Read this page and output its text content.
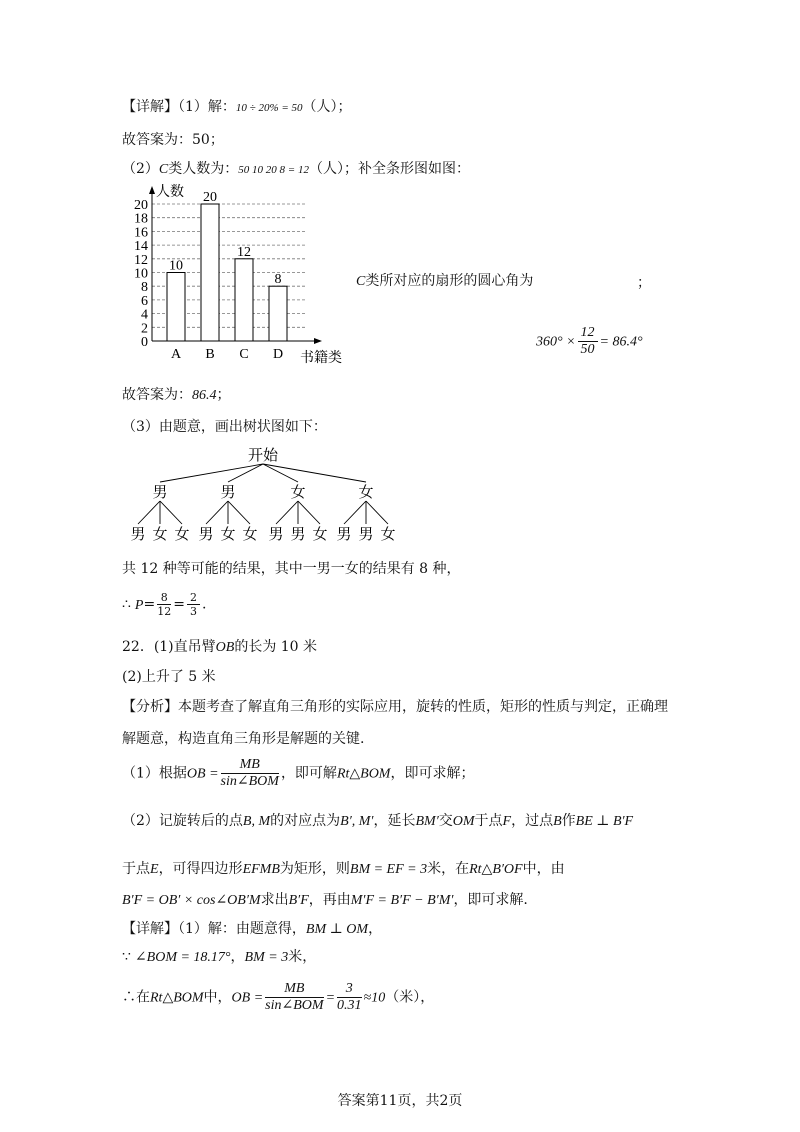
【详解】（1）解：10 ÷ 20% = 50（人）；
故答案为：50；
（2）C类人数为：50 10 20 8 = 12（人）；补全条形图如图：
0
2
4
6
8
10
12
14
16
18
20
人数
书籍类
10
A
20
B
12
C
8
D
C类所对应的扇形的圆心角为	；
$360^\circ \times \frac{12}{50} = 86.4^\circ$
故答案为：86.4；
（3）由题意，画出树状图如下：
开始
男
男 女 女
男
男 女 女
女
男 男 女
女
男 男 女
共 12 种等可能的结果，其中一男一女的结果有 8 种，
∴ $P= \frac{8}{12} = \frac{2}{3}$ .
22．(1)直吊臂OB的长为 10 米
(2)上升了 5 米
【分析】本题考查了解直角三角形的实际应用，旋转的性质，矩形的性质与判定，正确理
解题意，构造直角三角形是解题的关键.
（1）根据OB = $\frac{MB}{\text{sin∠BOM}}$ ，即可解Rt△BOM，即可求解；
（2）记旋转后的点B, M的对应点为B′, M′，延长BM′交OM于点F，过点B作BE ⊥ B′F
于点E，可得四边形EFMB为矩形，则BM = EF = 3米，在Rt△B′OF中，由
B′F = OB′ × cos∠OB′M求出B′F，再由M′F = B′F − B′M′，即可求解.
【详解】（1）解：由题意得，BM ⊥ OM，
∵ ∠BOM = 18.17°，BM = 3米，
∴在Rt△BOM中，OB = $\frac{MB}{\text{sin∠BOM}} = \frac{3}{0.31} \approx 10$（米），
答案第11页，共2页
